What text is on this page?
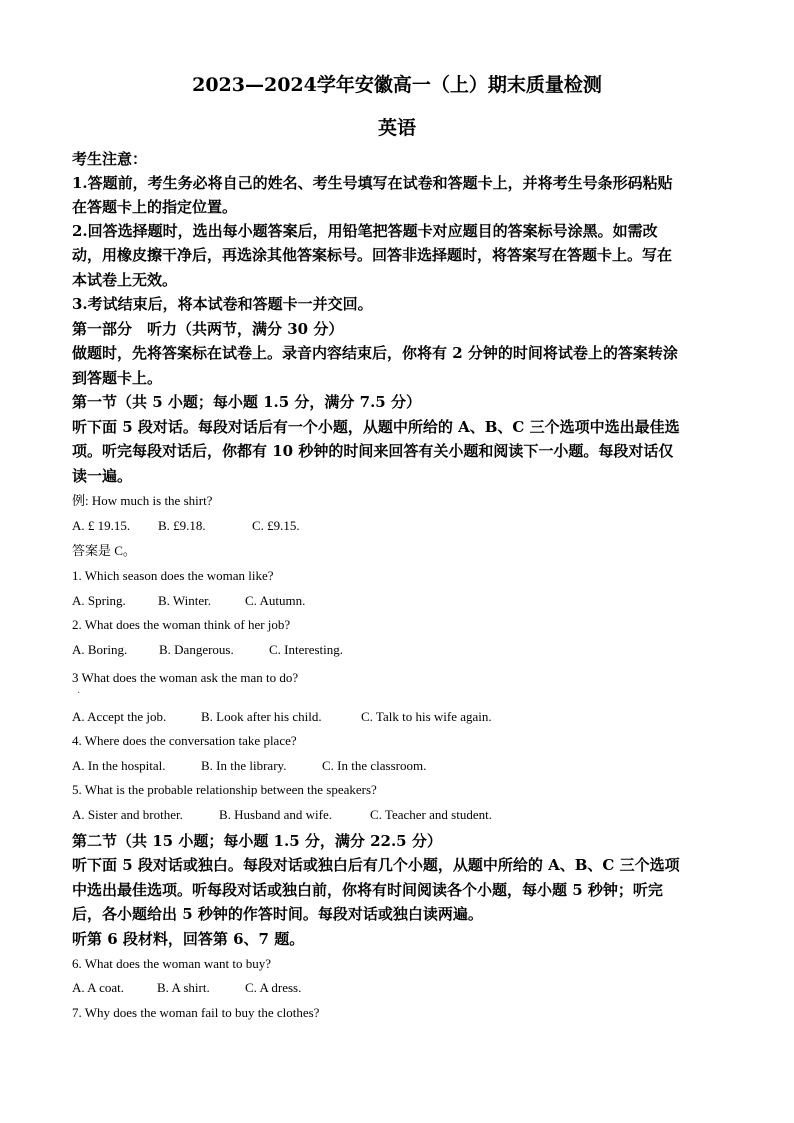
2023—2024学年安徽高一（上）期末质量检测
英语
考生注意：
1.答题前，考生务必将自己的姓名、考生号填写在试卷和答题卡上，并将考生号条形码粘贴
在答题卡上的指定位置。
2.回答选择题时，选出每小题答案后，用铅笔把答题卡对应题目的答案标号涂黑。如需改
动，用橡皮擦干净后，再选涂其他答案标号。回答非选择题时，将答案写在答题卡上。写在
本试卷上无效。
3.考试结束后，将本试卷和答题卡一并交回。
第一部分　听力（共两节，满分 30 分）
做题时，先将答案标在试卷上。录音内容结束后，你将有 2 分钟的时间将试卷上的答案转涂
到答题卡上。
第一节（共 5 小题；每小题 1.5 分，满分 7.5 分）
听下面 5 段对话。每段对话后有一个小题，从题中所给的 A、B、C 三个选项中选出最佳选
项。听完每段对话后，你都有 10 秒钟的时间来回答有关小题和阅读下一小题。每段对话仅
读一遍。
例: How much is the shirt?
A. £ 19.15. B. £9.18.	C. £9.15.
答案是 C。
1. Which season does the woman like?
A. Spring. B. Winter.	C. Autumn.
2. What does the woman think of her job?
A. Boring. B. Dangerous.	C. Interesting.
3 What does the woman ask the man to do?
·
A. Accept the job.	B. Look after his child.	C. Talk to his wife again.
4. Where does the conversation take place?
A. In the hospital.	B. In the library.	C. In the classroom.
5. What is the probable relationship between the speakers?
A. Sister and brother.	B. Husband and wife.	C. Teacher and student.
第二节（共 15 小题；每小题 1.5 分，满分 22.5 分）
听下面 5 段对话或独白。每段对话或独白后有几个小题，从题中所给的 A、B、C 三个选项
中选出最佳选项。听每段对话或独白前，你将有时间阅读各个小题，每小题 5 秒钟；听完
后，各小题给出 5 秒钟的作答时间。每段对话或独白读两遍。
听第 6 段材料，回答第 6、7 题。
6. What does the woman want to buy?
A. A coat.	B. A shirt.	C. A dress.
7. Why does the woman fail to buy the clothes?
